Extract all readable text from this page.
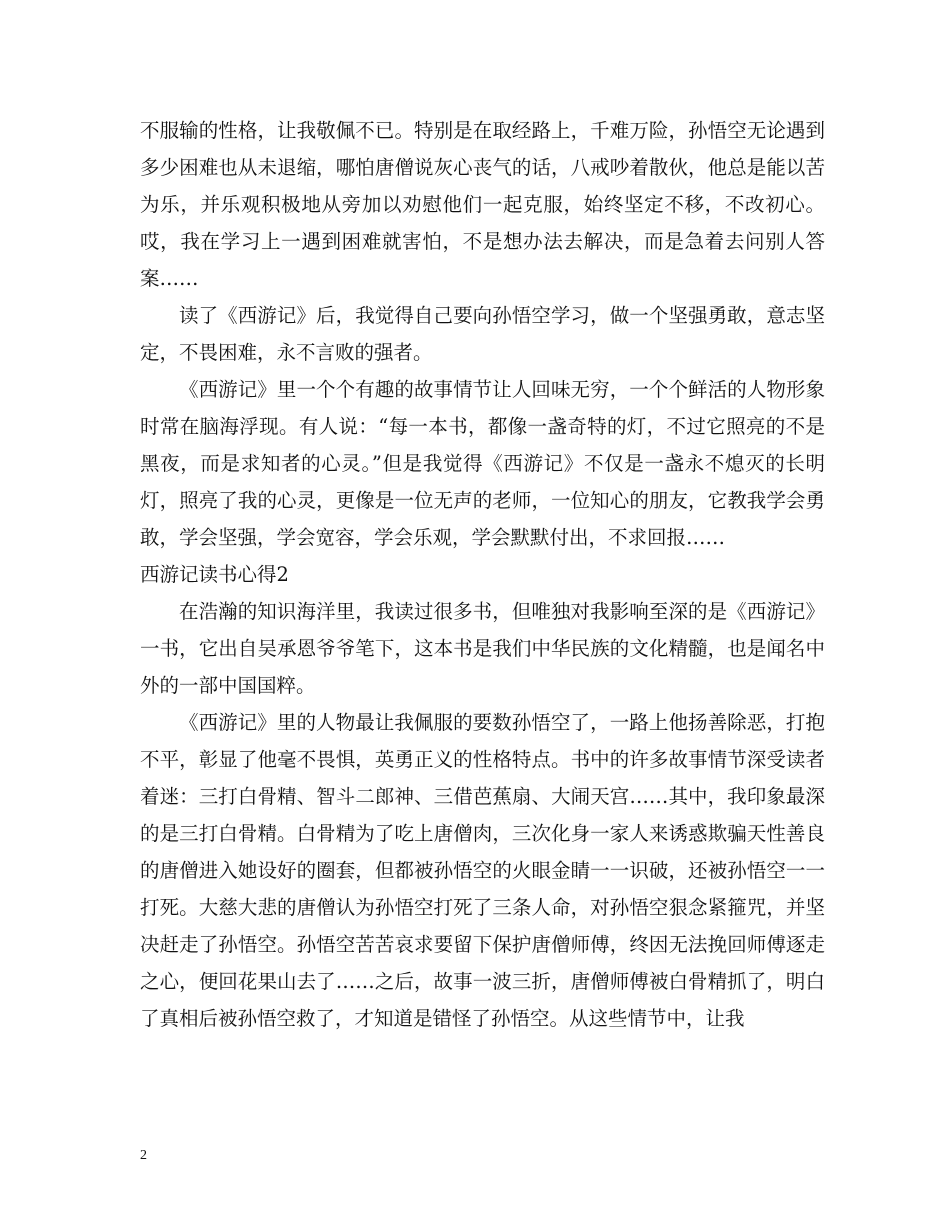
不服输的性格，让我敬佩不已。特别是在取经路上，千难万险，孙悟空无论遇到多少困难也从未退缩，哪怕唐僧说灰心丧气的话，八戒吵着散伙，他总是能以苦为乐，并乐观积极地从旁加以劝慰他们一起克服，始终坚定不移，不改初心。哎，我在学习上一遇到困难就害怕，不是想办法去解决，而是急着去问别人答案……

读了《西游记》后，我觉得自己要向孙悟空学习，做一个坚强勇敢，意志坚定，不畏困难，永不言败的强者。

《西游记》里一个个有趣的故事情节让人回味无穷，一个个鲜活的人物形象时常在脑海浮现。有人说：“每一本书，都像一盏奇特的灯，不过它照亮的不是黑夜，而是求知者的心灵。”但是我觉得《西游记》不仅是一盏永不熄灭的长明灯，照亮了我的心灵，更像是一位无声的老师，一位知心的朋友，它教我学会勇敢，学会坚强，学会宽容，学会乐观，学会默默付出，不求回报……

西游记读书心得2

在浩瀚的知识海洋里，我读过很多书，但唯独对我影响至深的是《西游记》一书，它出自吴承恩爷爷笔下，这本书是我们中华民族的文化精髓，也是闻名中外的一部中国国粹。

《西游记》里的人物最让我佩服的要数孙悟空了，一路上他扬善除恶，打抱不平，彰显了他毫不畏惧，英勇正义的性格特点。书中的许多故事情节深受读者着迷：三打白骨精、智斗二郎神、三借芭蕉扇、大闹天宫……其中，我印象最深的是三打白骨精。白骨精为了吃上唐僧肉，三次化身一家人来诱惑欺骗天性善良的唐僧进入她设好的圈套，但都被孙悟空的火眼金睛一一识破，还被孙悟空一一打死。大慈大悲的唐僧认为孙悟空打死了三条人命，对孙悟空狠念紧箍咒，并坚决赶走了孙悟空。孙悟空苦苦哀求要留下保护唐僧师傅，终因无法挽回师傅逐走之心，便回花果山去了……之后，故事一波三折，唐僧师傅被白骨精抓了，明白了真相后被孙悟空救了，才知道是错怪了孙悟空。从这些情节中，让我

2
